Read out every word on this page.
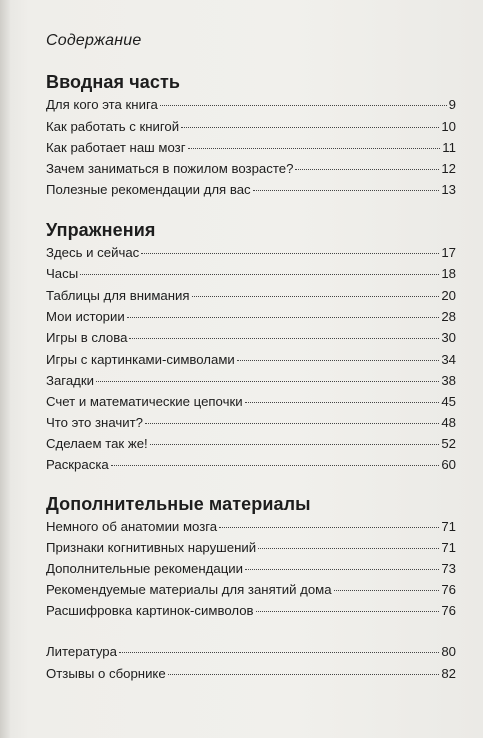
Содержание
Вводная часть
Для кого эта книга	9
Как работать с книгой	10
Как работает наш мозг	11
Зачем заниматься в пожилом возрасте?	12
Полезные рекомендации для вас	13
Упражнения
Здесь и сейчас	17
Часы	18
Таблицы для внимания	20
Мои истории	28
Игры в слова	30
Игры с картинками-символами	34
Загадки	38
Счет и математические цепочки	45
Что это значит?	48
Сделаем так же!	52
Раскраска	60
Дополнительные материалы
Немного об анатомии мозга	71
Признаки когнитивных нарушений	71
Дополнительные рекомендации	73
Рекомендуемые материалы для занятий дома	76
Расшифровка картинок-символов	76
Литература	80
Отзывы о сборнике	82
